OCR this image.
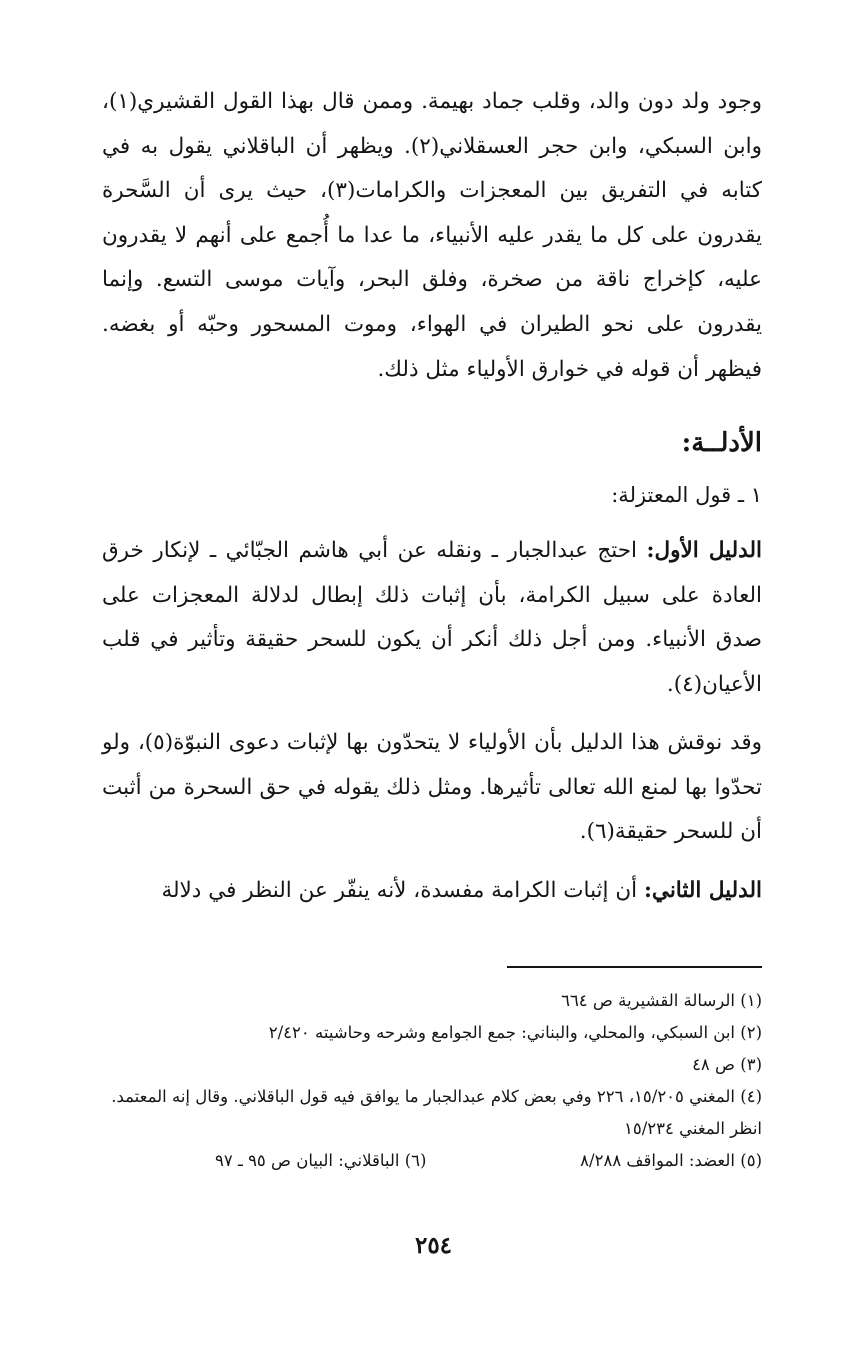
وجود ولد دون والد، وقلب جماد بهيمة. وممن قال بهذا القول القشيري(١)، وابن السبكي، وابن حجر العسقلاني(٢). ويظهر أن الباقلاني يقول به في كتابه في التفريق بين المعجزات والكرامات(٣)، حيث يرى أن السَّحرة يقدرون على كل ما يقدر عليه الأنبياء، ما عدا ما أُجمع على أنهم لا يقدرون عليه، كإخراج ناقة من صخرة، وفلق البحر، وآيات موسى التسع. وإنما يقدرون على نحو الطيران في الهواء، وموت المسحور وحبّه أو بغضه. فيظهر أن قوله في خوارق الأولياء مثل ذلك.

الأدلــة:

١ ـ قول المعتزلة:

الدليل الأول: احتج عبدالجبار ـ ونقله عن أبي هاشم الجبّائي ـ لإنكار خرق العادة على سبيل الكرامة، بأن إثبات ذلك إبطال لدلالة المعجزات على صدق الأنبياء. ومن أجل ذلك أنكر أن يكون للسحر حقيقة وتأثير في قلب الأعيان(٤).

وقد نوقش هذا الدليل بأن الأولياء لا يتحدّون بها لإثبات دعوى النبوّة(٥)، ولو تحدّوا بها لمنع الله تعالى تأثيرها. ومثل ذلك يقوله في حق السحرة من أثبت أن للسحر حقيقة(٦).

الدليل الثاني: أن إثبات الكرامة مفسدة، لأنه ينفّر عن النظر في دلالة

(١) الرسالة القشيرية ص ٦٦٤

(٢) ابن السبكي، والمحلي، والبناني: جمع الجوامع وشرحه وحاشيته ٢/٤٢٠

(٣) ص ٤٨

(٤) المغني ١٥/٢٠٥، ٢٢٦ وفي بعض كلام عبدالجبار ما يوافق فيه قول الباقلاني. وقال إنه المعتمد. انظر المغني ١٥/٢٣٤

(٥) العضد: المواقف ٨/٢٨٨

(٦) الباقلاني: البيان ص ٩٥ ـ ٩٧

٢٥٤
